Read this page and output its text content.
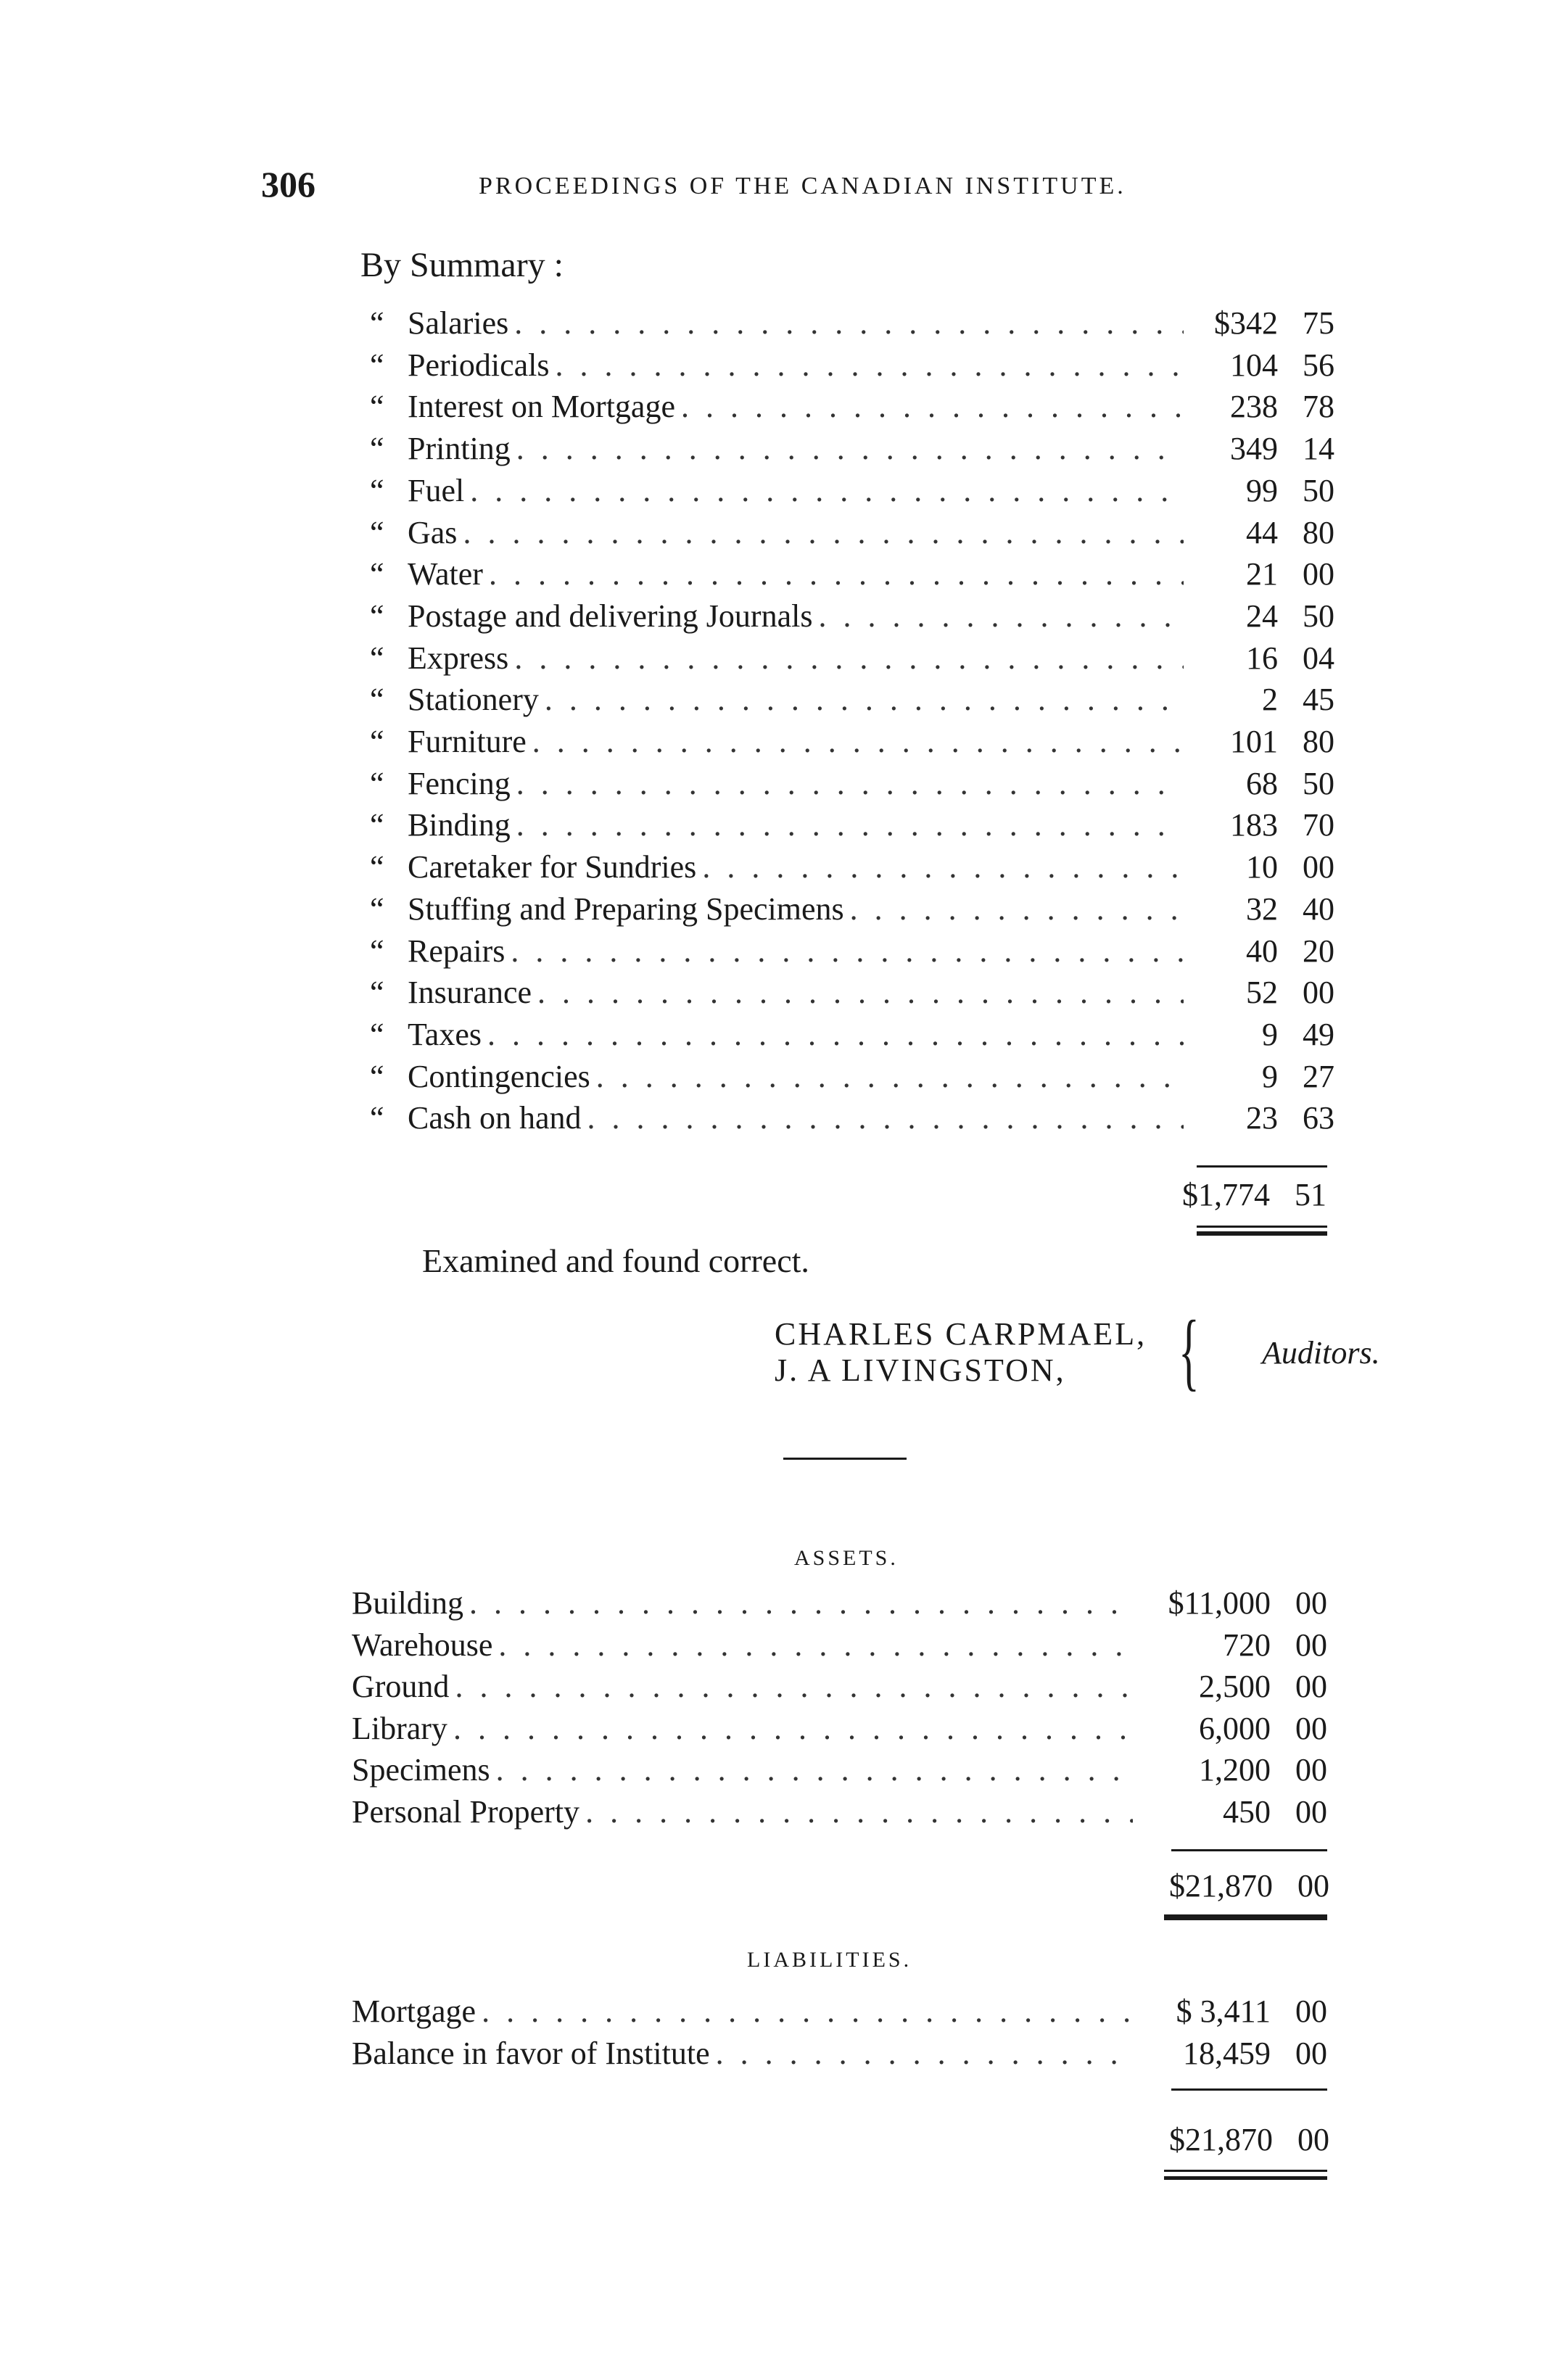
306	PROCEEDINGS OF THE CANADIAN INSTITUTE.
By Summary :
“ Salaries . . .	$342 75
“ Periodicals . . .	104 56
“ Interest on Mortgage . . .	238 78
“ Printing . . .	349 14
“ Fuel . . .	99 50
“ Gas . . .	44 80
“ Water . . .	21 00
“ Postage and delivering Journals . . .	24 50
“ Express . . .	16 04
“ Stationery . . .	2 45
“ Furniture . . .	101 80
“ Fencing . . .	68 50
“ Binding . . .	183 70
“ Caretaker for Sundries . . .	10 00
“ Stuffing and Preparing Specimens . . .	32 40
“ Repairs . . .	40 20
“ Insurance . . .	52 00
“ Taxes . . .	9 49
“ Contingencies . . .	9 27
“ Cash on hand . . .	23 63
$1,774 51
Examined and found correct.
CHARLES CARPMAEL,
J. A LIVINGSTON,	{ Auditors.
ASSETS.
Building . . .	$11,000 00
Warehouse . . .	720 00
Ground . . .	2,500 00
Library . . .	6,000 00
Specimens . . .	1,200 00
Personal Property . . .	450 00
$21,870 00
LIABILITIES.
Mortgage . . .	$ 3,411 00
Balance in favor of Institute . . .	18,459 00
$21,870 00
